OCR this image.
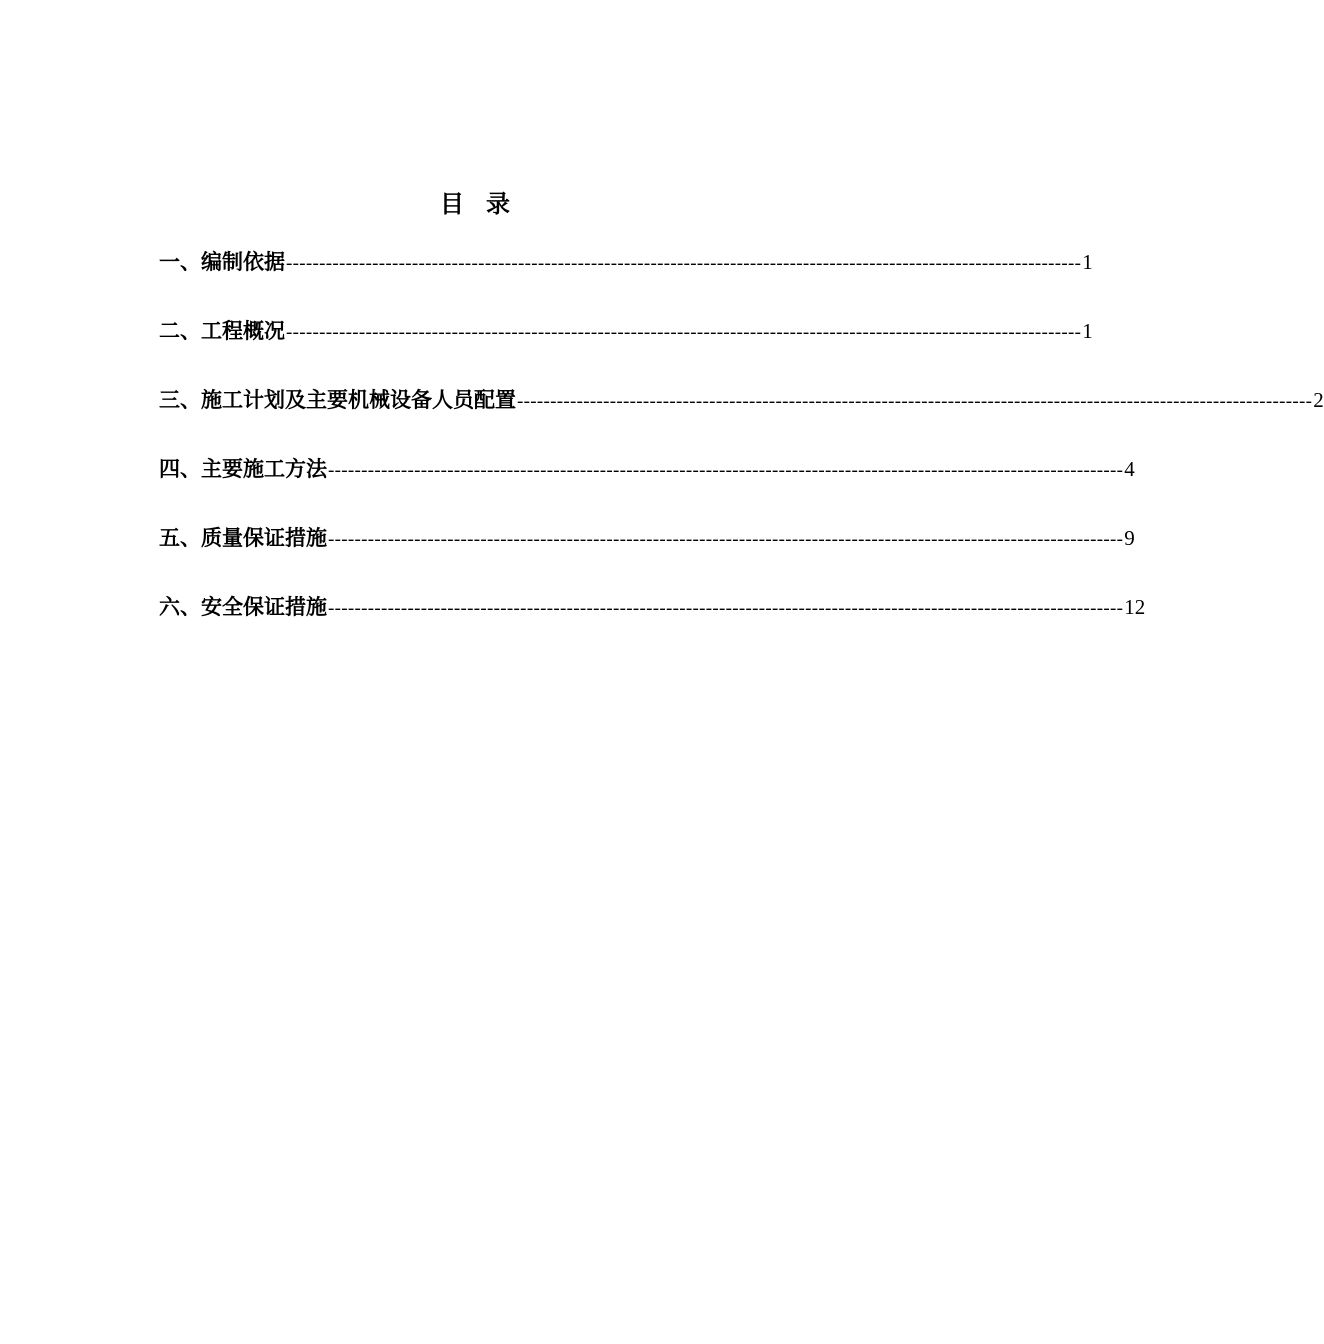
目录
一、 编制依据 ------------------------------------------------------------------------------------------------------------------------ 1
二、 工程概况 ------------------------------------------------------------------------------------------------------------------------ 1
三、 施工计划及主要机械设备人员配置 ------------------------------------------------------------------------------------------------------------------------ 2
四、 主要施工方法 ------------------------------------------------------------------------------------------------------------------------ 4
五、 质量保证措施 ------------------------------------------------------------------------------------------------------------------------ 9
六、 安全保证措施 ------------------------------------------------------------------------------------------------------------------------ 12
